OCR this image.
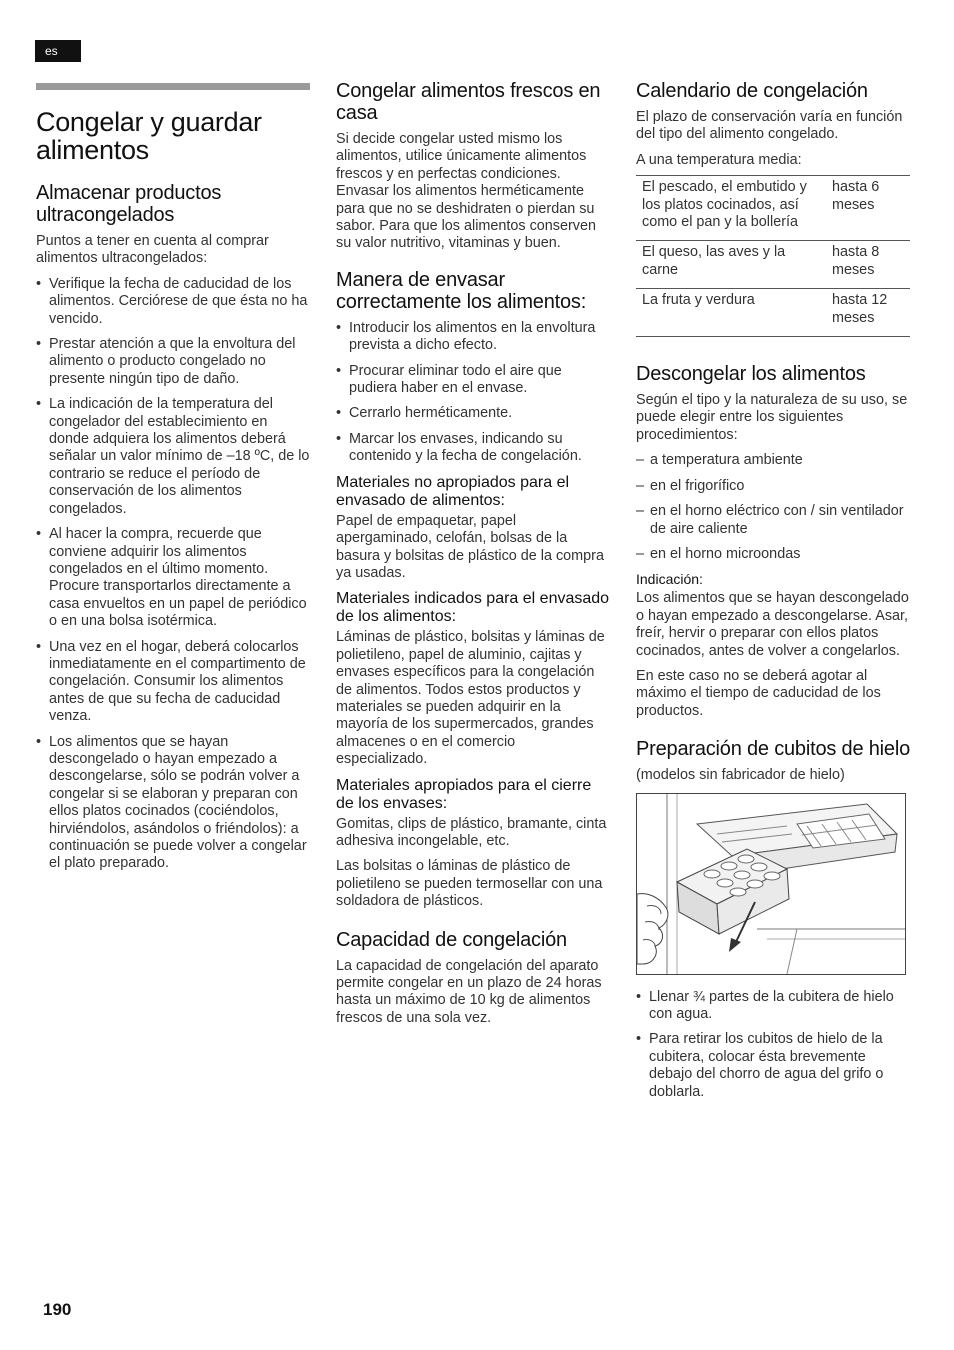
es
Congelar y guardar alimentos
Almacenar productos ultracongelados

Puntos a tener en cuenta al comprar alimentos ultracongelados:

• Verifique la fecha de caducidad de los alimentos. Cerciórese de que ésta no ha vencido.
• Prestar atención a que la envoltura del alimento o producto congelado no presente ningún tipo de daño.
• La indicación de la temperatura del congelador del establecimiento en donde adquiera los alimentos deberá señalar un valor mínimo de –18 ºC, de lo contrario se reduce el período de conservación de los alimentos congelados.
• Al hacer la compra, recuerde que conviene adquirir los alimentos congelados en el último momento. Procure transportarlos directamente a casa envueltos en un papel de periódico o en una bolsa isotérmica.
• Una vez en el hogar, deberá colocarlos inmediatamente en el compartimento de congelación. Consumir los alimentos antes de que su fecha de caducidad venza.
• Los alimentos que se hayan descongelado o hayan empezado a descongelarse, sólo se podrán volver a congelar si se elaboran y preparan con ellos platos cocinados (cociéndolos, hirviéndolos, asándolos o friéndolos): a continuación se puede volver a congelar el plato preparado.
Congelar alimentos frescos en casa

Si decide congelar usted mismo los alimentos, utilice únicamente alimentos frescos y en perfectas condiciones. Envasar los alimentos herméticamente para que no se deshidraten o pierdan su sabor. Para que los alimentos conserven su valor nutritivo, vitaminas y buen.

Manera de envasar correctamente los alimentos:
• Introducir los alimentos en la envoltura prevista a dicho efecto.
• Procurar eliminar todo el aire que pudiera haber en el envase.
• Cerrarlo herméticamente.
• Marcar los envases, indicando su contenido y la fecha de congelación.
Materiales no apropiados para el envasado de alimentos:

Papel de empaquetar, papel apergaminado, celofán, bolsas de la basura y bolsitas de plástico de la compra ya usadas.

Materiales indicados para el envasado de los alimentos:

Láminas de plástico, bolsitas y láminas de polietileno, papel de aluminio, cajitas y envases específicos para la congelación de alimentos. Todos estos productos y materiales se pueden adquirir en la mayoría de los supermercados, grandes almacenes o en el comercio especializado.

Materiales apropiados para el cierre de los envases:

Gomitas, clips de plástico, bramante, cinta adhesiva incongelable, etc.

Las bolsitas o láminas de plástico de polietileno se pueden termosellar con una soldadora de plásticos.

Capacidad de congelación

La capacidad de congelación del aparato permite congelar en un plazo de 24 horas hasta un máximo de 10 kg de alimentos frescos de una sola vez.

Calendario de congelación

El plazo de conservación varía en función del tipo del alimento congelado.

A una temperatura media:

El pescado, el embutido y los platos cocinados, así como el pan y la bollería	hasta 6 meses
El queso, las aves y la carne	hasta 8 meses
La fruta y verdura	hasta 12 meses
Descongelar los alimentos

Según el tipo y la naturaleza de su uso, se puede elegir entre los siguientes procedimientos:

– a temperatura ambiente
– en el frigorífico
– en el horno eléctrico con / sin ventilador de aire caliente
– en el horno microondas
Indicación:

Los alimentos que se hayan descongelado o hayan empezado a descongelarse. Asar, freír, hervir o preparar con ellos platos cocinados, antes de volver a congelarlos.

En este caso no se deberá agotar al máximo el tiempo de caducidad de los productos.

Preparación de cubitos de hielo

(modelos sin fabricador de hielo)

• Llenar ¾ partes de la cubitera de hielo con agua.
• Para retirar los cubitos de hielo de la cubitera, colocar ésta brevemente debajo del chorro de agua del grifo o doblarla.
190
